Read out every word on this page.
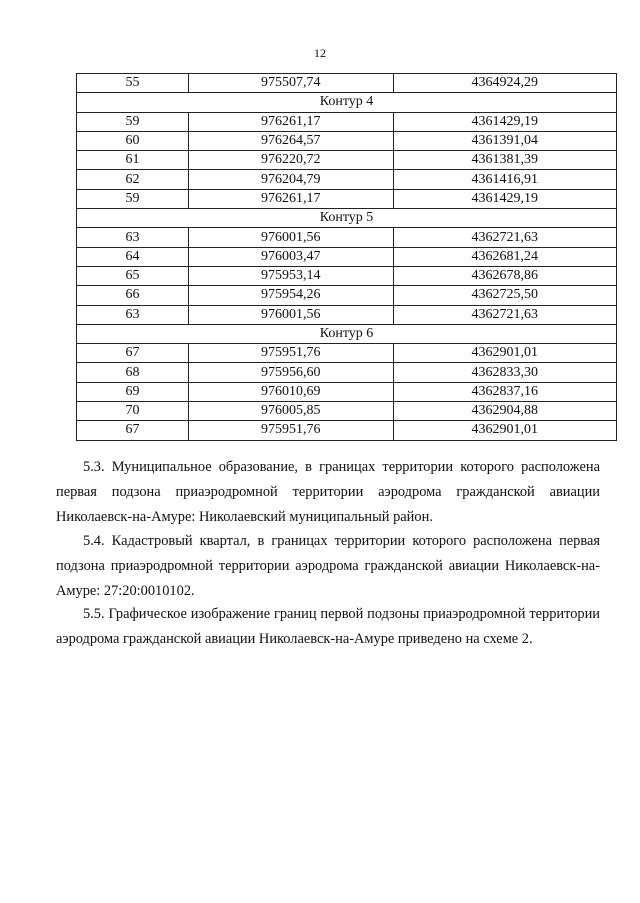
12
55	975507,74	4364924,29
Контур 4		
59	976261,17	4361429,19
60	976264,57	4361391,04
61	976220,72	4361381,39
62	976204,79	4361416,91
59	976261,17	4361429,19
Контур 5		
63	976001,56	4362721,63
64	976003,47	4362681,24
65	975953,14	4362678,86
66	975954,26	4362725,50
63	976001,56	4362721,63
Контур 6		
67	975951,76	4362901,01
68	975956,60	4362833,30
69	976010,69	4362837,16
70	976005,85	4362904,88
67	975951,76	4362901,01
5.3. Муниципальное образование, в границах территории которого расположена первая подзона приаэродромной территории аэродрома гражданской авиации Николаевск-на-Амуре: Николаевский муниципальный район.
5.4. Кадастровый квартал, в границах территории которого расположена первая подзона приаэродромной территории аэродрома гражданской авиации Николаевск-на-Амуре: 27:20:0010102.
5.5. Графическое изображение границ первой подзоны приаэродромной территории аэродрома гражданской авиации Николаевск-на-Амуре приведено на схеме 2.
